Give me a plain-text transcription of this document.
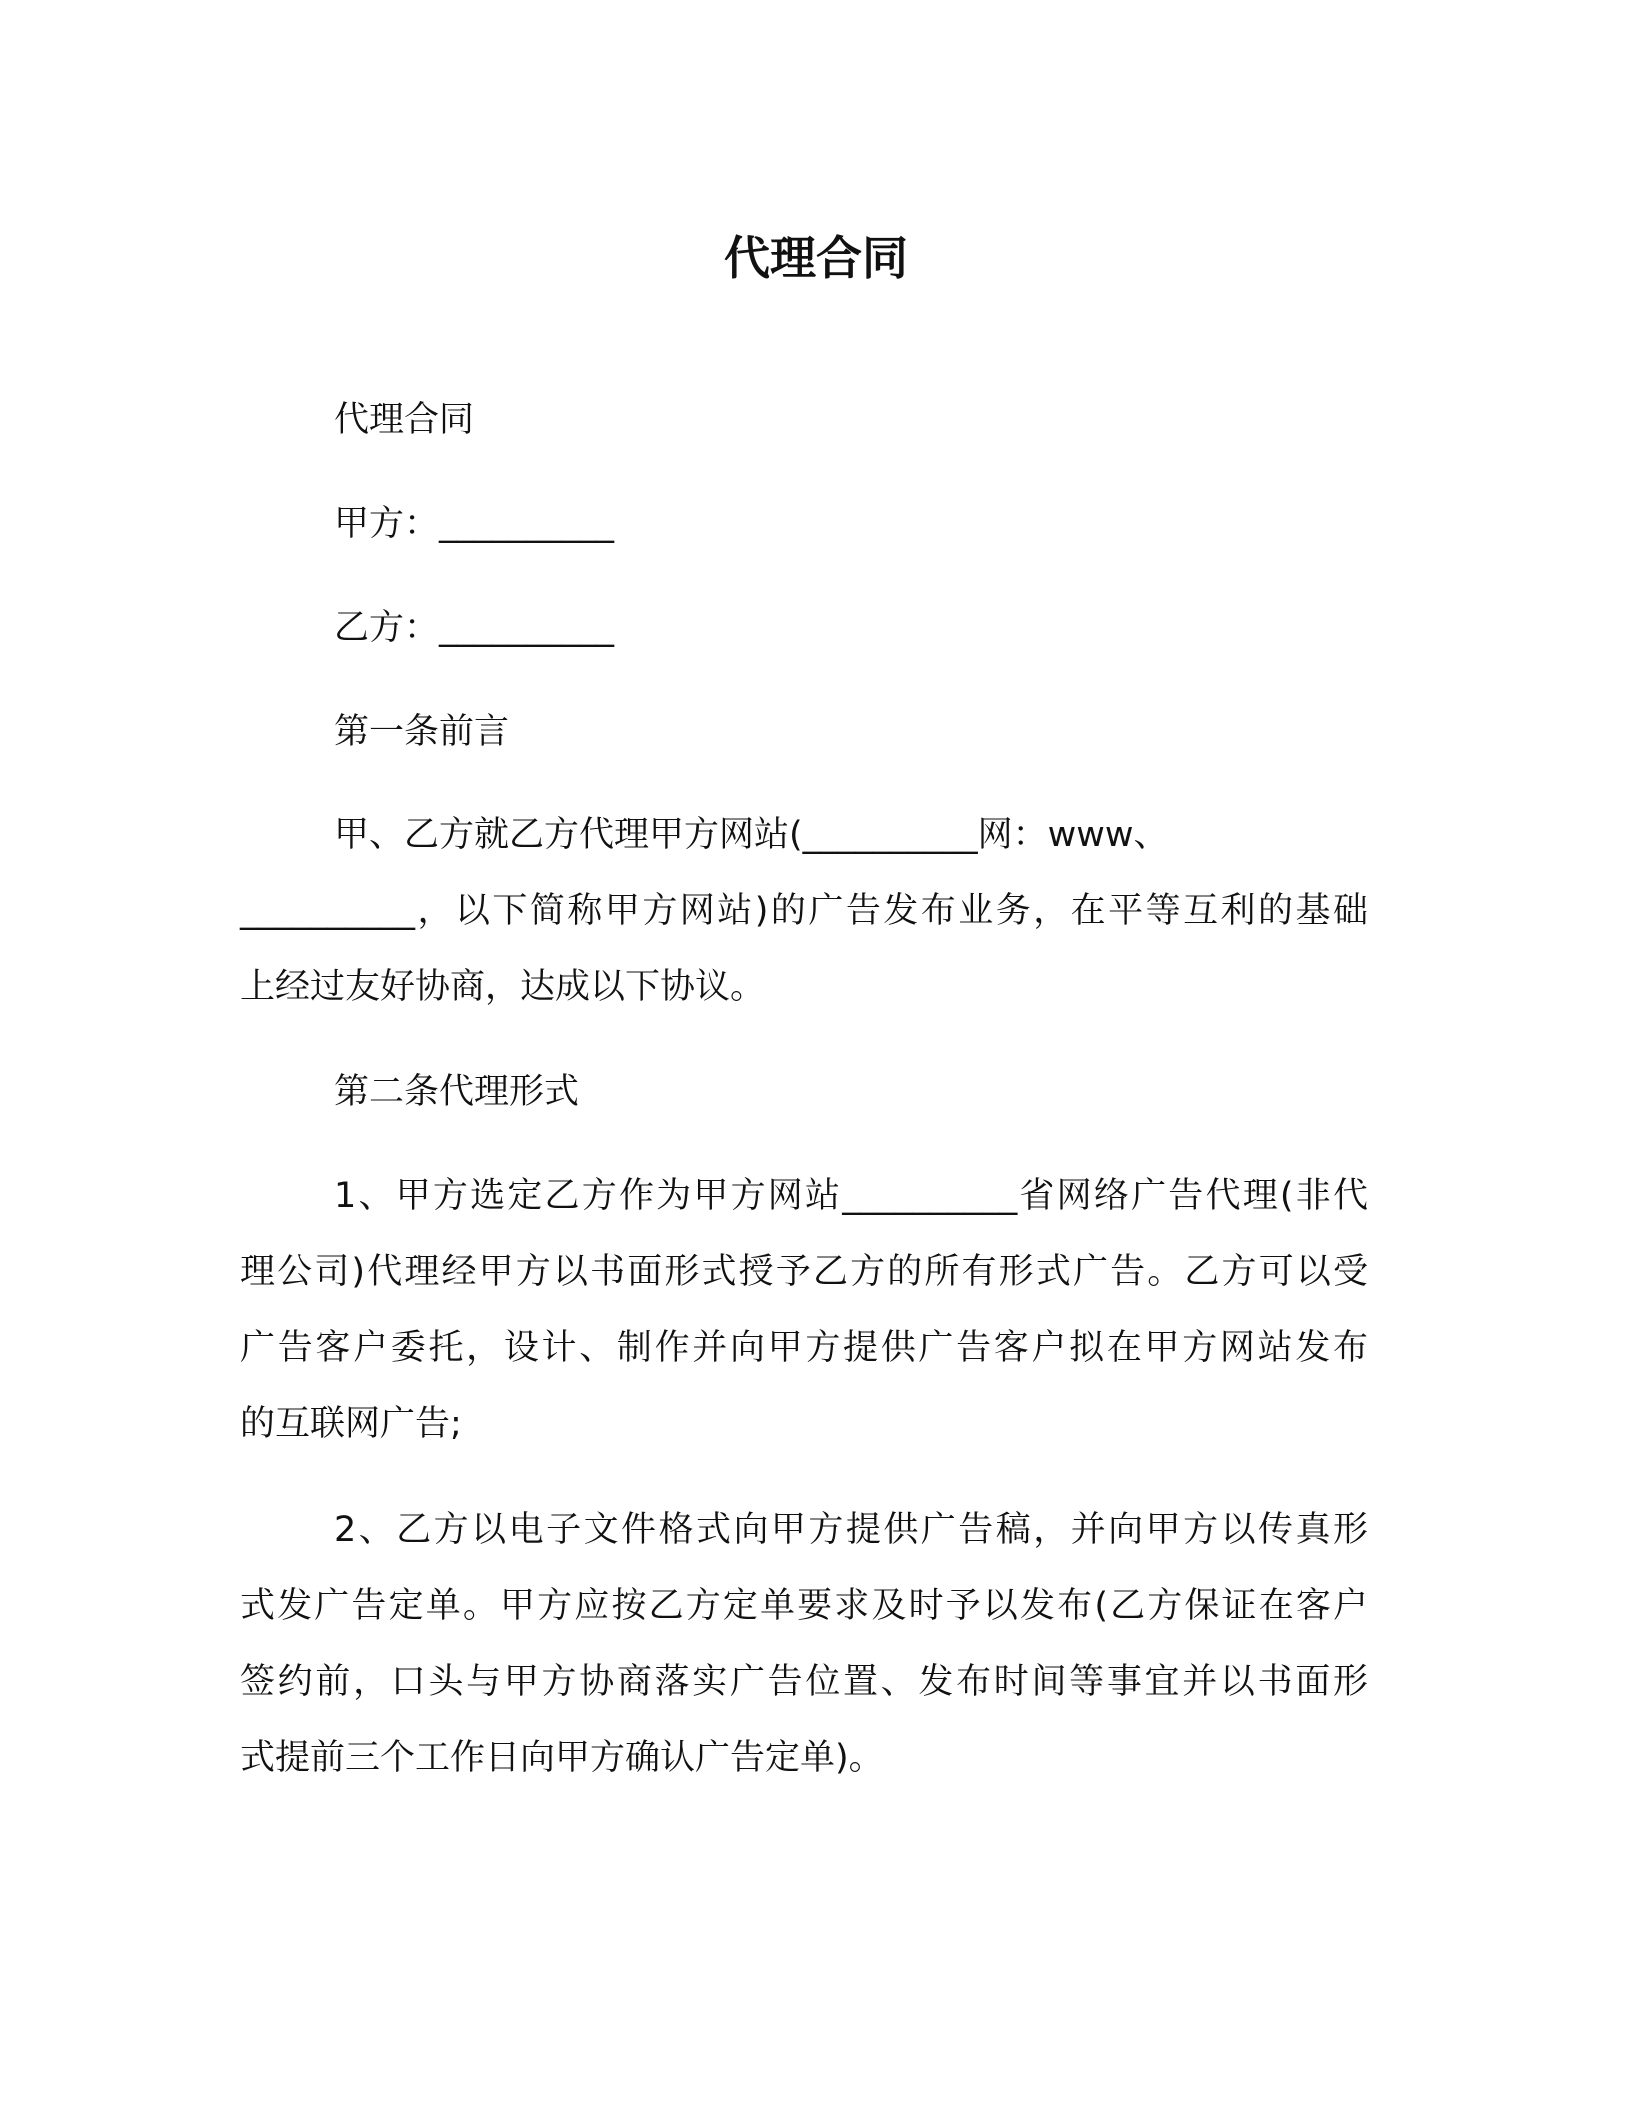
代理合同
代理合同
甲方：__________
乙方：__________
第一条前言
甲、乙方就乙方代理甲方网站(__________网：www、
__________，以下简称甲方网站)的广告发布业务，在平等互利的基础
上经过友好协商，达成以下协议。
第二条代理形式
1、甲方选定乙方作为甲方网站__________省网络广告代理(非代
理公司)代理经甲方以书面形式授予乙方的所有形式广告。乙方可以受
广告客户委托，设计、制作并向甲方提供广告客户拟在甲方网站发布
的互联网广告;
2、乙方以电子文件格式向甲方提供广告稿，并向甲方以传真形
式发广告定单。甲方应按乙方定单要求及时予以发布(乙方保证在客户
签约前，口头与甲方协商落实广告位置、发布时间等事宜并以书面形
式提前三个工作日向甲方确认广告定单)。
